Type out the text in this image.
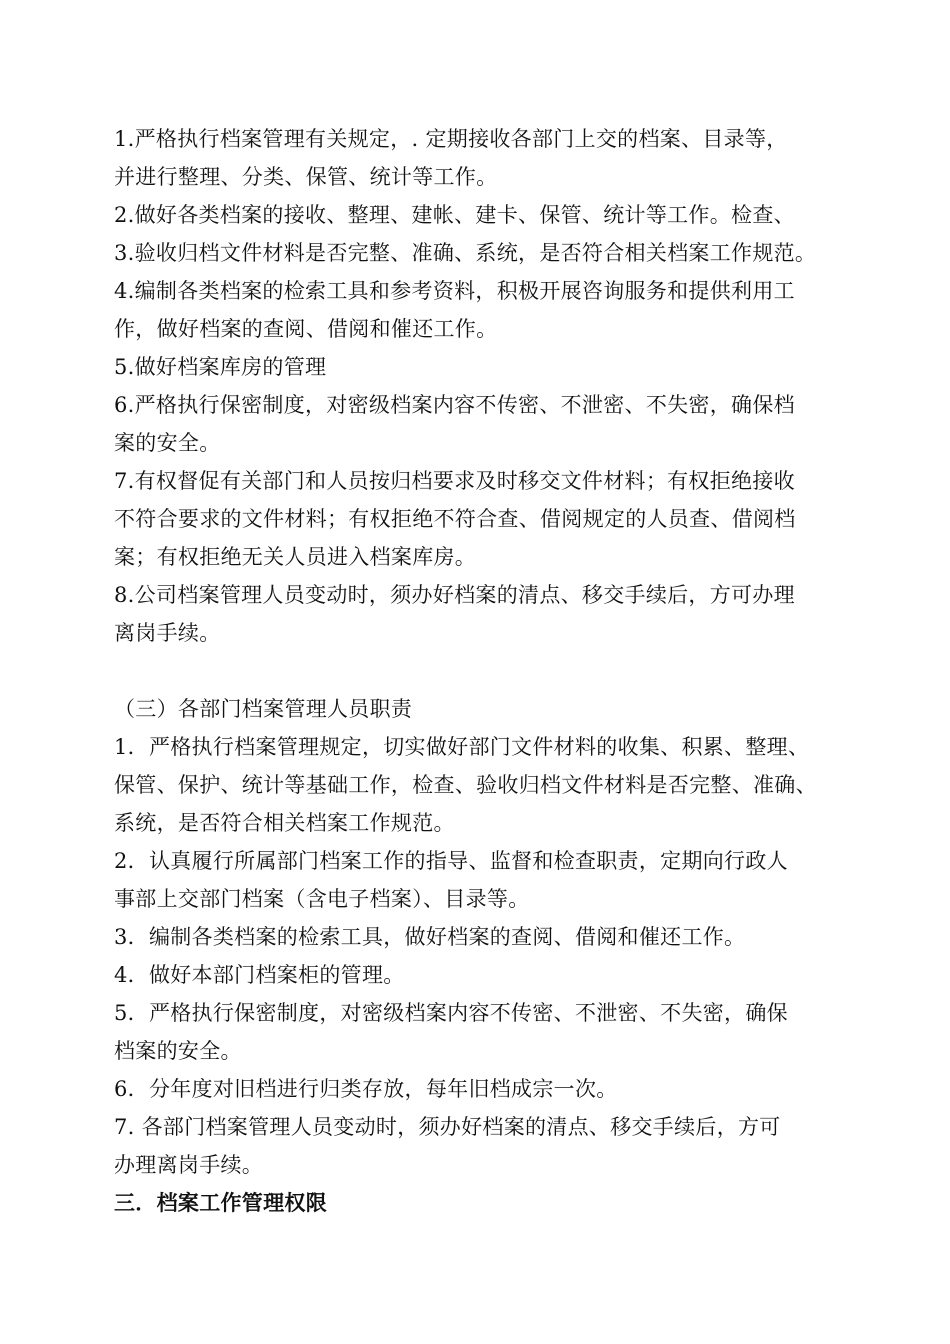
1.严格执行档案管理有关规定，. 定期接收各部门上交的档案、目录等，
并进行整理、分类、保管、统计等工作。
2.做好各类档案的接收、整理、建帐、建卡、保管、统计等工作。检查、
3.验收归档文件材料是否完整、准确、系统，是否符合相关档案工作规范。
4.编制各类档案的检索工具和参考资料，积极开展咨询服务和提供利用工
作，做好档案的查阅、借阅和催还工作。
5.做好档案库房的管理
6.严格执行保密制度，对密级档案内容不传密、不泄密、不失密，确保档
案的安全。
7.有权督促有关部门和人员按归档要求及时移交文件材料；有权拒绝接收
不符合要求的文件材料；有权拒绝不符合查、借阅规定的人员查、借阅档
案；有权拒绝无关人员进入档案库房。
8.公司档案管理人员变动时，须办好档案的清点、移交手续后，方可办理
离岗手续。
（三）各部门档案管理人员职责
1．严格执行档案管理规定，切实做好部门文件材料的收集、积累、整理、
保管、保护、统计等基础工作，检查、验收归档文件材料是否完整、准确、
系统，是否符合相关档案工作规范。
2．认真履行所属部门档案工作的指导、监督和检查职责，定期向行政人
事部上交部门档案（含电子档案）、目录等。
3．编制各类档案的检索工具，做好档案的查阅、借阅和催还工作。
4．做好本部门档案柜的管理。
5．严格执行保密制度，对密级档案内容不传密、不泄密、不失密，确保
档案的安全。
6．分年度对旧档进行归类存放，每年旧档成宗一次。
7. 各部门档案管理人员变动时，须办好档案的清点、移交手续后，方可
办理离岗手续。
三．档案工作管理权限
